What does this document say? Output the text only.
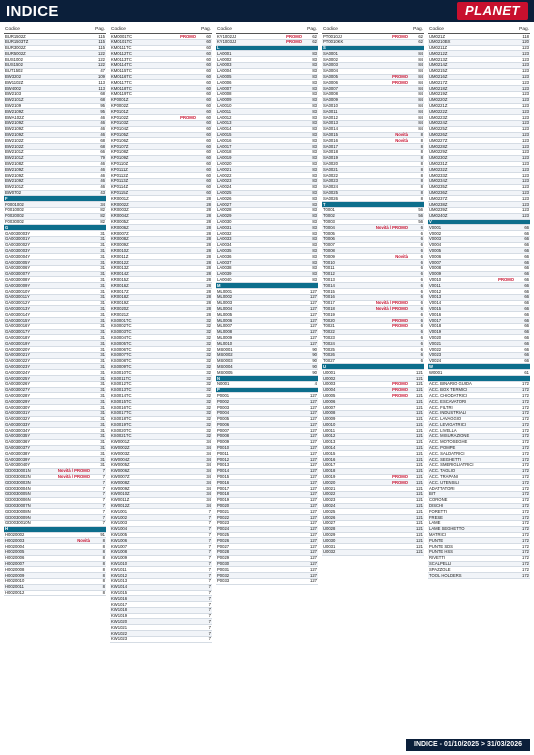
INDICE	PLANET
Codice	Pag.
BUR1502Z	115
BUR1503TZ	115
BUR3002Z	115
BUR5002Z	122
BUS1002	122
BUS1502	122
BUT1502	47
BW3202	109
BW1102Z	113
BW4002	113
BW2103	68
BW2101Z	68
BW2109	95
BW2109Z	95
BWA102Z	46
BW2109Z	46
BW2109Z	46
BW2109Z	46
BW2102Z	68
BW2102Z	68
BW2101Z	66
BW2101Z	79
BW2108Z	46
BW2109Z	46
BW2109Z	46
BW2109Z	46
BW2101Z	46
BW0702	43
F
F0001002	34
F0010002	82
F0020002	82
F0030002	82
G
GA0030003Y	31
GA0030001Y	31
GA0030002Y	31
GA0030003Y	31
GA0030004Y	31
GA0030005Y	31
GA0030006Y	31
GA0030007Y	31
GA0030008Y	31
GA0030009Y	31
GA0030010Y	31
GA0030011Y	31
GA0030012Y	31
GA0030013Y	31
GA0030014Y	31
GA0030015Y	31
GA0030016Y	31
GA0030017Y	31
GA0030018Y	31
GA0030019Y	31
GA0030020Y	31
GA0030021Y	31
GA0030022Y	31
GA0030023Y	31
GA0030024Y	31
GA0030025Y	31
GA0030026Y	31
GA0030027Y	31
GA0030028Y	31
GA0030029Y	31
GA0030030Y	31
GA0030031Y	31
GA0030032Y	31
GA0030033Y	31
GA0030034Y	31
GA0030035Y	31
GA0030036Y	31
GA0030037Y	31
GA0030038Y	31
GA0030039Y	31
GA0030040Y	31
GD0030001N	Novità / PROMO	7
GD0030002N	Novità / PROMO	7
GD0030003N	7
GD0030004N	7
GD0030005N	7
GD0030006N	7
GD0030007N	7
GD0030008N	7
GD0030009N	7
GD0030010N	7
H
H0020002	91
H0020003	Novità	8
H0020004	8
H0020005	8
H0020006	8
H0020007	8
H0020008	8
H0020009	8
H0020010	8
H0020011	8
H0020012	8
Codice	Pag.
KM0001TC	PROMO	60
KM0101TC	60
KM0111TC	60
KM0112TC	60
KM0113TC	60
KM0114TC	60
KM0115TC	60
KM0116TC	60
KM0117TC	60
KM0118TC	60
KM0119TC	60
KP0001Z	60
KP0002Z	60
KP0101Z	60
KP0102Z	PROMO	60
KP0103Z	60
KP0104Z	60
KP0105Z	60
KP0106Z	60
KP0107Z	60
KP0108Z	60
KP0109Z	60
KP0110Z	60
KP0111Z	60
KP0112Z	60
KP0113Z	60
KP0114Z	60
KP0115Z	60
KR0001Z	28
KR0002Z	28
KR0003Z	28
KR0004Z	28
KR0005Z	28
KR0006Z	28
KR0007Z	28
KR0008Z	28
KR0009Z	28
KR0010Z	28
KR0011Z	28
KR0012Z	28
KR0013Z	28
KR0014Z	28
KR0015Z	28
KR0016Z	28
KR0017Z	28
KR0018Z	28
KR0019Z	28
KR0020Z	28
KR0021Z	28
KS0001TC	32
KS0002TC	32
KS0003TC	32
KS0004TC	32
KS0005TC	32
KS0006TC	32
KS0007TC	32
KS0008TC	32
KS0009TC	32
KS0010TC	32
KS0011TC	32
KS0012TC	32
KS0013TC	32
KS0014TC	32
KS0015TC	32
KS0016TC	32
KS0017TC	32
KS0018TC	32
KS0019TC	32
KS0020TC	32
KS0021TC	32
KW0001Z	34
KW0002Z	34
KW0003Z	34
KW0004Z	34
KW0005Z	34
KW0006Z	34
KW0007Z	34
KW0008Z	34
KW0009Z	34
KW0010Z	34
KW0011Z	34
KW0012Z	34
KW1001	7
KW1002	7
KW1003	7
KW1004	7
KW1005	7
KW1006	7
KW1007	7
KW1008	7
KW1009	7
KW1010	7
KW1011	7
KW1012	7
KW1013	7
KW1014	7
KW1015	7
KW1016	7
KW1017	7
KW1018	7
KW1019	7
KW1020	7
KW1021	7
KW1022	7
KW1023	7
Codice	Pag.
KY1002JJ	PROMO	62
KY1003JJ	PROMO	62
L
LA0001	83
LA0002	83
LA0003	83
LA0004	83
LA0005	83
LA0006	83
LA0007	83
LA0008	83
LA0009	83
LA0010	83
LA0011	83
LA0012	83
LA0013	83
LA0014	83
LA0015	83
LA0016	83
LA0017	83
LA0018	83
LA0019	83
LA0020	83
LA0021	83
LA0022	83
LA0023	83
LA0024	83
LA0025	83
LA0026	83
LA0027	83
LA0028	83
LA0029	83
LA0030	83
LA0031	83
LA0032	83
LA0033	83
LA0034	83
LA0035	83
LA0036	83
LA0037	83
LA0038	83
LA0039	83
LA0040	83
M
ML0001	127
ML0002	127
ML0003	127
ML0004	127
ML0005	127
ML0006	127
ML0007	127
ML0008	127
ML0009	127
ML0010	127
MS0001	90
MS0002	90
MS0003	90
MS0004	90
MS0005	90
N
N0001	4
P
P0001	127
P0002	127
P0003	127
P0004	127
P0005	127
P0006	127
P0007	127
P0008	127
P0009	127
P0010	127
P0011	127
P0012	127
P0013	127
P0014	127
P0015	127
P0016	127
P0017	127
P0018	127
P0019	127
P0020	127
P0021	127
P0022	127
P0023	127
P0024	127
P0025	127
P0026	127
P0027	127
P0028	127
P0029	127
P0030	127
P0031	127
P0032	127
P0033	127
Codice	Pag.
PT0010JJ	PROMO	62
PT0010KK	62
S
SA0001	84
SA0002	84
SA0003	84
SA0004	84
SA0005	PROMO	84
SA0006	PROMO	84
SA0007	84
SA0008	84
SA0009	84
SA0010	84
SA0011	84
SA0012	84
SA0013	84
SA0014	84
SA0015	Novità	8
SA0016	Novità	8
SA0017	8
SA0018	8
SA0019	8
SA0020	8
SA0021	8
SA0022	8
SA0023	8
SA0024	8
SA0025	8
SA0026	8
T
T0001	56
T0002	56
T0003	56
T0004	Novità / PROMO	6
T0005	6
T0006	6
T0007	6
T0008	6
T0009	Novità	6
T0010	6
T0011	6
T0012	6
T0013	6
T0014	6
T0015	6
T0016	6
T0017	Novità / PROMO	6
T0018	Novità / PROMO	6
T0019	6
T0020	PROMO	6
T0021	PROMO	6
T0022	6
T0023	6
T0024	6
T0025	6
T0026	6
T0027	6
U
U0001	121
U0002	121
U0003	PROMO	121
U0004	PROMO	121
U0005	PROMO	121
U0006	121
U0007	121
U0008	121
U0009	121
U0010	121
U0011	121
U0012	121
U0013	121
U0014	121
U0015	121
U0016	121
U0017	121
U0018	121
U0019	PROMO	121
U0020	PROMO	121
U0021	121
U0022	121
U0023	121
U0024	121
U0025	121
U0026	121
U0027	121
U0028	121
U0029	121
U0030	121
U0031	121
U0032	121
Codice	Pag.
UM021Z	118
UM0210BX	120
UM0211Z	123
UM0212Z	123
UM0213Z	123
UM0214Z	123
UM0215Z	123
UM0216Z	123
UM0217Z	123
UM0218Z	123
UM0219Z	123
UM0220Z	123
UM0221Z	123
UM0222Z	123
UM0223Z	123
UM0224Z	123
UM0225Z	123
UM0226Z	123
UM0227Z	123
UM0228Z	123
UM0229Z	123
UM0230Z	123
UM0231Z	123
UM0232Z	123
UM0233Z	123
UM0234Z	123
UM0235Z	123
UM0236Z	123
UM0237Z	123
UM0238Z	123
UM0239Z	123
UM0240Z	123
V
V0001	66
V0002	66
V0003	66
V0004	66
V0005	66
V0006	66
V0007	66
V0008	66
V0009	66
V0010	PROMO	66
V0011	66
V0012	66
V0013	66
V0014	66
V0015	66
V0016	66
V0017	66
V0018	66
V0019	66
V0020	66
V0021	66
V0022	66
V0023	66
V0024	66
W
W0001	61
ACC. BINARIO GUIDA	172
ACC. BOX TERMICI	172
ACC. CHIODATRICI	172
ACC. ESCAVATORI	172
ACC. FILTRI	172
ACC. INDUSTRIALI	172
ACC. LAVAGGIO	172
ACC. LEVIGATRICI	172
ACC. LIVELLA	172
ACC. MISURAZIONE	172
ACC. MOTOSEGHE	172
ACC. POMPE	172
ACC. SALDATRICI	172
ACC. SEGHETTI	172
ACC. SMERIGLIATRICI	172
ACC. TAGLIO	172
ACC. TRAPANI	172
ACC. UTENSILI	172
ADATTATORI	172
BIT	172
CORONE	172
DISCHI	172
FORETTI	172
FRESE	172
LAME	172
LAME SEGHETTO	172
MATRICI	172
PUNTE	172
PUNTE SDS	172
PUNTE HSS	172
RIVETTI	172
SCALPELLI	172
SPAZZOLE	172
TOOL HOLDERS	172
INDICE - 01/10/2025 > 31/03/2026
